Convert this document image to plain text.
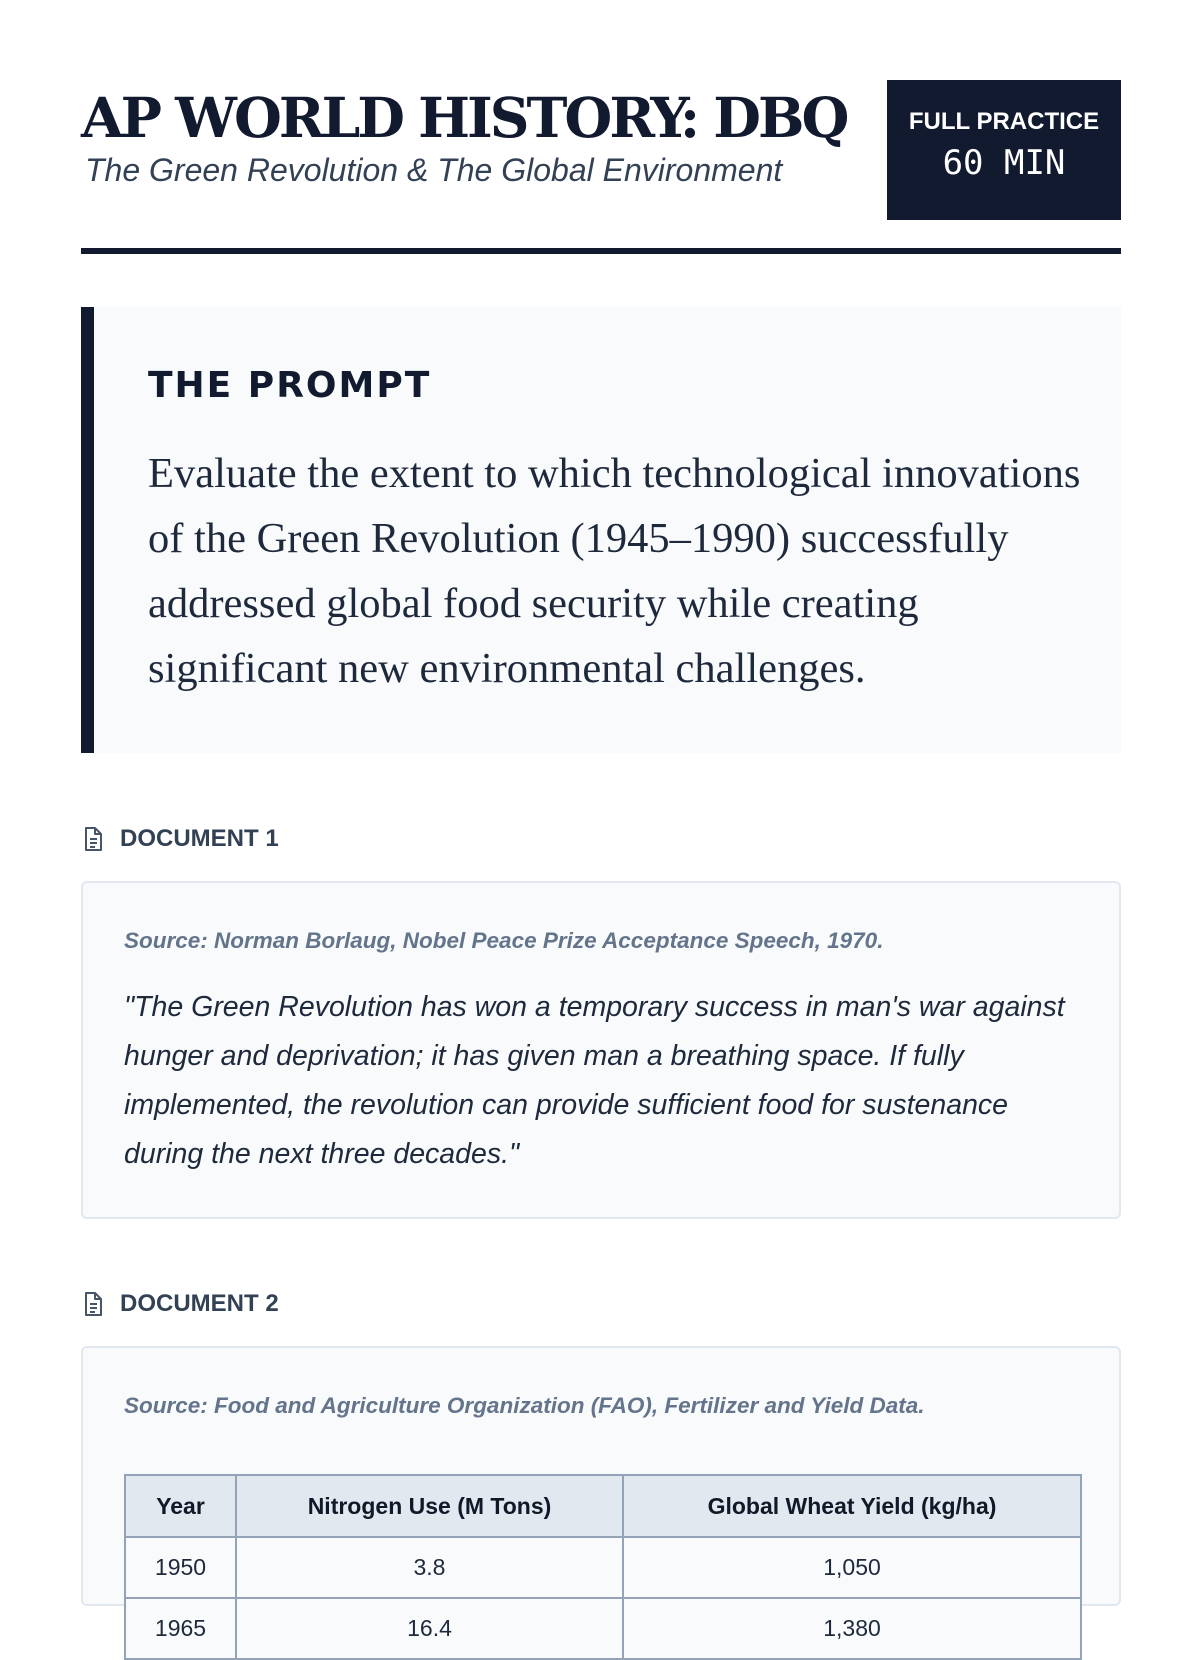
AP WORLD HISTORY: DBQ
The Green Revolution & The Global Environment
FULL PRACTICE
60 MIN
THE PROMPT

Evaluate the extent to which technological innovations of the Green Revolution (1945–1990) successfully addressed global food security while creating significant new environmental challenges.

DOCUMENT 1
Source: Norman Borlaug, Nobel Peace Prize Acceptance Speech, 1970.

"The Green Revolution has won a temporary success in man's war against hunger and deprivation; it has given man a breathing space. If fully implemented, the revolution can provide sufficient food for sustenance during the next three decades."

DOCUMENT 2
Source: Food and Agriculture Organization (FAO), Fertilizer and Yield Data.
Year	Nitrogen Use (M Tons)	Global Wheat Yield (kg/ha)
1950	3.8	1,050
1965	16.4	1,380
